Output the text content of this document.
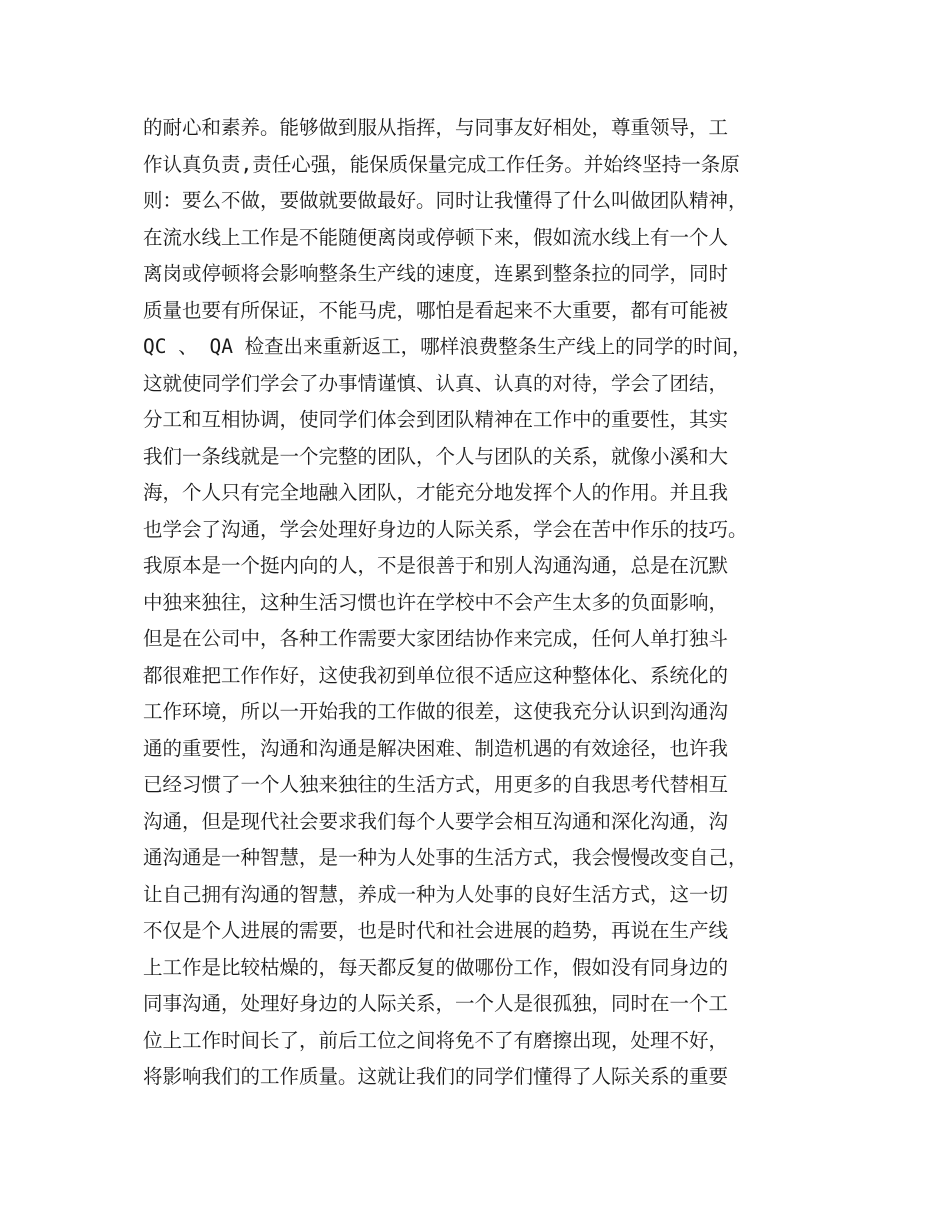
的耐心和素养。能够做到服从指挥，与同事友好相处，尊重领导，工
作认真负责,责任心强，能保质保量完成工作任务。并始终坚持一条原
则：要么不做，要做就要做最好。同时让我懂得了什么叫做团队精神，
在流水线上工作是不能随便离岗或停顿下来，假如流水线上有一个人
离岗或停顿将会影响整条生产线的速度，连累到整条拉的同学，同时
质量也要有所保证，不能马虎，哪怕是看起来不大重要，都有可能被
QC 、 QA 检查出来重新返工，哪样浪费整条生产线上的同学的时间，
这就使同学们学会了办事情谨慎、认真、认真的对待，学会了团结，
分工和互相协调，使同学们体会到团队精神在工作中的重要性，其实
我们一条线就是一个完整的团队，个人与团队的关系，就像小溪和大
海，个人只有完全地融入团队，才能充分地发挥个人的作用。并且我
也学会了沟通，学会处理好身边的人际关系，学会在苦中作乐的技巧。
我原本是一个挺内向的人，不是很善于和别人沟通沟通，总是在沉默
中独来独往，这种生活习惯也许在学校中不会产生太多的负面影响，
但是在公司中，各种工作需要大家团结协作来完成，任何人单打独斗
都很难把工作作好，这使我初到单位很不适应这种整体化、系统化的
工作环境，所以一开始我的工作做的很差，这使我充分认识到沟通沟
通的重要性，沟通和沟通是解决困难、制造机遇的有效途径，也许我
已经习惯了一个人独来独往的生活方式，用更多的自我思考代替相互
沟通，但是现代社会要求我们每个人要学会相互沟通和深化沟通，沟
通沟通是一种智慧，是一种为人处事的生活方式，我会慢慢改变自己，
让自己拥有沟通的智慧，养成一种为人处事的良好生活方式，这一切
不仅是个人进展的需要，也是时代和社会进展的趋势，再说在生产线
上工作是比较枯燥的，每天都反复的做哪份工作，假如没有同身边的
同事沟通，处理好身边的人际关系，一个人是很孤独，同时在一个工
位上工作时间长了，前后工位之间将免不了有磨擦出现，处理不好，
将影响我们的工作质量。这就让我们的同学们懂得了人际关系的重要
